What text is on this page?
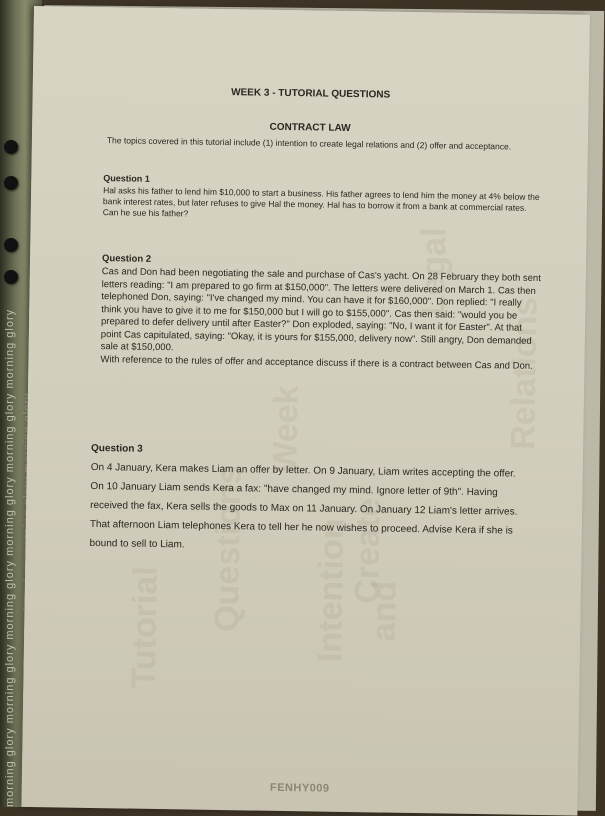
morning glory morning glory morning glory morning glory morning glory morning glory	Tutorial Questions
Week
Intention
Create
Legal
Relations
and
WEEK 3 - TUTORIAL QUESTIONS
CONTRACT LAW
The topics covered in this tutorial include (1) intention to create legal relations and (2) offer and acceptance.
Question 1
Hal asks his father to lend him $10,000 to start a business. His father agrees to lend him the money at 4% below the bank interest rates, but later refuses to give Hal the money. Hal has to borrow it from a bank at commercial rates. Can he sue his father?
Question 2
Cas and Don had been negotiating the sale and purchase of Cas's yacht. On 28 February they both sent letters reading: "I am prepared to go firm at $150,000". The letters were delivered on March 1. Cas then telephoned Don, saying: "I've changed my mind. You can have it for $160,000". Don replied: "I really think you have to give it to me for $150,000 but I will go to $155,000". Cas then said: "would you be prepared to defer delivery until after Easter?" Don exploded, saying: "No, I want it for Easter". At that point Cas capitulated, saying: "Okay, it is yours for $155,000, delivery now". Still angry, Don demanded sale at $150,000.
With reference to the rules of offer and acceptance discuss if there is a contract between Cas and Don.
Question 3
On 4 January, Kera makes Liam an offer by letter. On 9 January, Liam writes accepting the offer. On 10 January Liam sends Kera a fax: "have changed my mind. Ignore letter of 9th". Having received the fax, Kera sells the goods to Max on 11 January. On January 12 Liam's letter arrives. That afternoon Liam telephones Kera to tell her he now wishes to proceed. Advise Kera if she is bound to sell to Liam.
FENHY009
